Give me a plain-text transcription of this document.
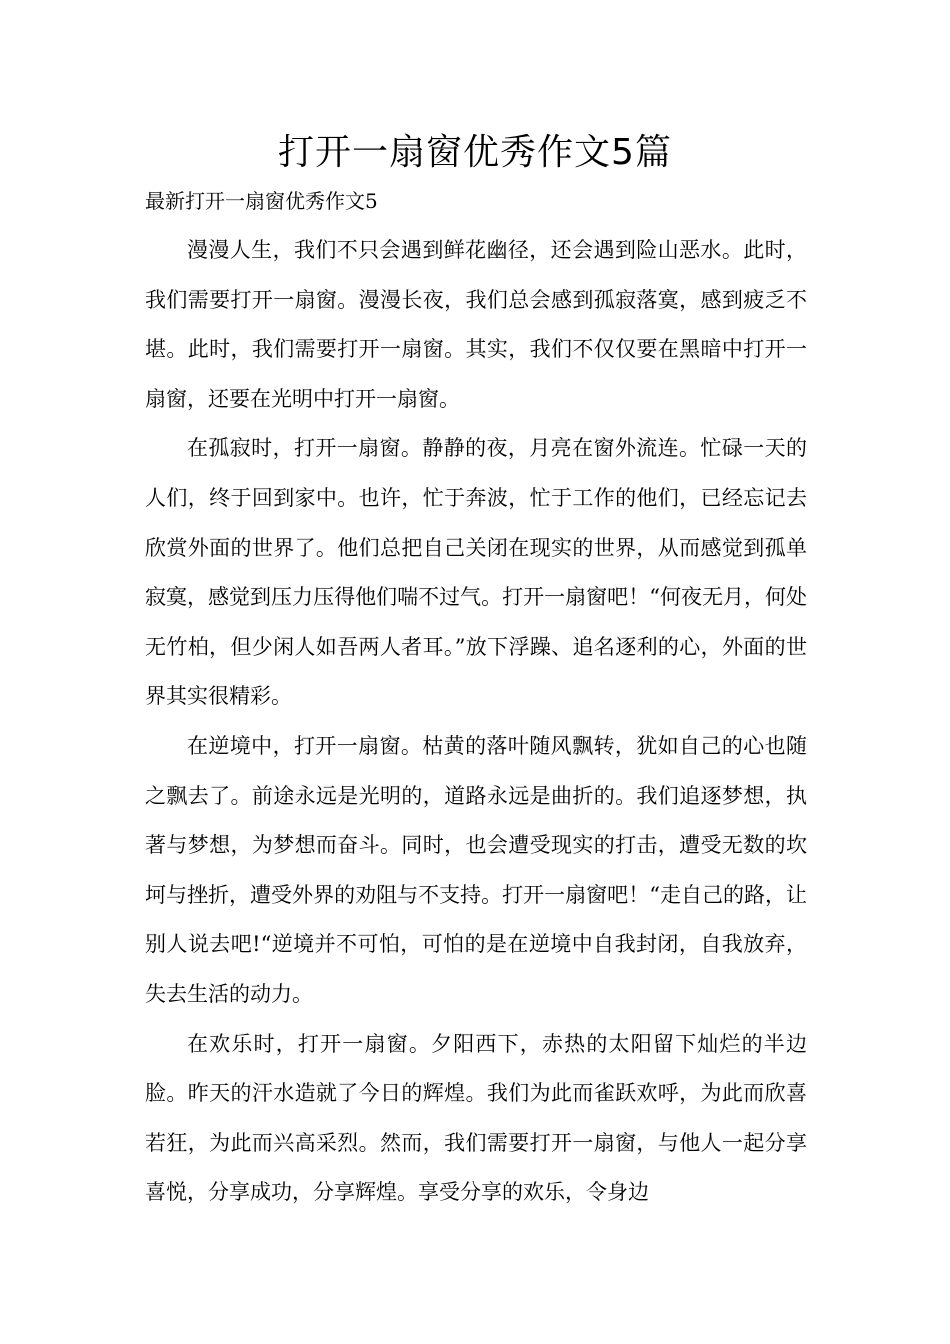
打开一扇窗优秀作文5篇

最新打开一扇窗优秀作文5

漫漫人生，我们不只会遇到鲜花幽径，还会遇到险山恶水。此时，我们需要打开一扇窗。漫漫长夜，我们总会感到孤寂落寞，感到疲乏不堪。此时，我们需要打开一扇窗。其实，我们不仅仅要在黑暗中打开一扇窗，还要在光明中打开一扇窗。

在孤寂时，打开一扇窗。静静的夜，月亮在窗外流连。忙碌一天的人们，终于回到家中。也许，忙于奔波，忙于工作的他们，已经忘记去欣赏外面的世界了。他们总把自己关闭在现实的世界，从而感觉到孤单寂寞，感觉到压力压得他们喘不过气。打开一扇窗吧！“何夜无月，何处无竹柏，但少闲人如吾两人者耳。”放下浮躁、追名逐利的心，外面的世界其实很精彩。

在逆境中，打开一扇窗。枯黄的落叶随风飘转，犹如自己的心也随之飘去了。前途永远是光明的，道路永远是曲折的。我们追逐梦想，执著与梦想，为梦想而奋斗。同时，也会遭受现实的打击，遭受无数的坎坷与挫折，遭受外界的劝阻与不支持。打开一扇窗吧！“走自己的路，让别人说去吧!“逆境并不可怕，可怕的是在逆境中自我封闭，自我放弃，失去生活的动力。

在欢乐时，打开一扇窗。夕阳西下，赤热的太阳留下灿烂的半边脸。昨天的汗水造就了今日的辉煌。我们为此而雀跃欢呼，为此而欣喜若狂，为此而兴高采烈。然而，我们需要打开一扇窗，与他人一起分享喜悦，分享成功，分享辉煌。享受分享的欢乐，令身边
